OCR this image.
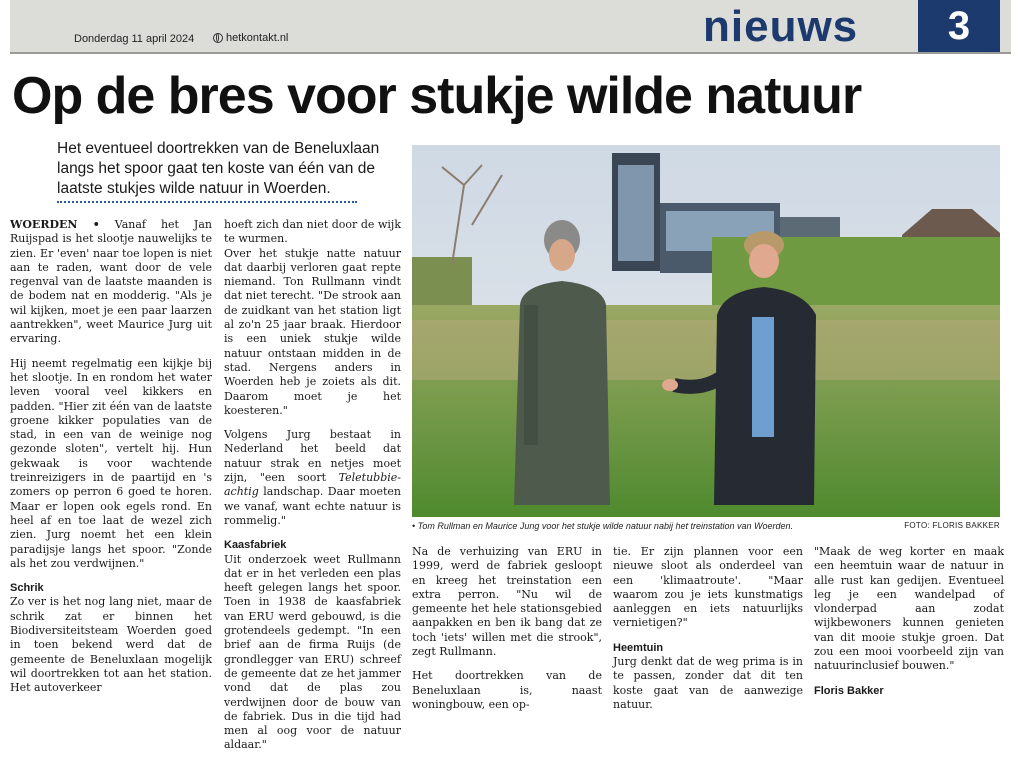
Donderdag 11 april 2024	hetkontakt.nl	nieuws	3
Op de bres voor stukje wilde natuur
Het eventueel doortrekken van de Beneluxlaan langs het spoor gaat ten koste van één van de laatste stukjes wilde natuur in Woerden.

WOERDEN • Vanaf het Jan Ruijspad is het slootje nauwelijks te zien. Er 'even' naar toe lopen is niet aan te raden, want door de vele regenval van de laatste maanden is de bodem nat en modderig. "Als je wil kijken, moet je een paar laarzen aantrekken", weet Maurice Jurg uit ervaring.

Hij neemt regelmatig een kijkje bij het slootje. In en rondom het water leven vooral veel kikkers en padden. "Hier zit één van de laatste groene kikker populaties van de stad, in een van de weinige nog gezonde sloten", vertelt hij. Hun gekwaak is voor wachtende treinreizigers in de paartijd en 's zomers op perron 6 goed te horen. Maar er lopen ook egels rond. En heel af en toe laat de wezel zich zien. Jurg noemt het een klein paradijsje langs het spoor. "Zonde als het zou verdwijnen."

Schrik

Zo ver is het nog lang niet, maar de schrik zat er binnen het Biodiversiteitsteam Woerden goed in toen bekend werd dat de gemeente de Beneluxlaan mogelijk wil doortrekken tot aan het station. Het autoverkeer

hoeft zich dan niet door de wijk te wurmen.

Over het stukje natte natuur dat daarbij verloren gaat repte niemand. Ton Rullmann vindt dat niet terecht. "De strook aan de zuidkant van het station ligt al zo'n 25 jaar braak. Hierdoor is een uniek stukje wilde natuur ontstaan midden in de stad. Nergens anders in Woerden heb je zoiets als dit. Daarom moet je het koesteren."

Volgens Jurg bestaat in Nederland het beeld dat natuur strak en netjes moet zijn, "een soort Teletubbie-achtig landschap. Daar moeten we vanaf, want echte natuur is rommelig."

Kaasfabriek

Uit onderzoek weet Rullmann dat er in het verleden een plas heeft gelegen langs het spoor. Toen in 1938 de kaasfabriek van ERU werd gebouwd, is die grotendeels gedempt. "In een brief aan de firma Ruijs (de grondlegger van ERU) schreef de gemeente dat ze het jammer vond dat de plas zou verdwijnen door de bouw van de fabriek. Dus in die tijd had men al oog voor de natuur aldaar."

• Tom Rullman en Maurice Jung voor het stukje wilde natuur nabij het treinstation van Woerden.	FOTO: FLORIS BAKKER

Na de verhuizing van ERU in 1999, werd de fabriek gesloopt en kreeg het treinstation een extra perron. "Nu wil de gemeente het hele stationsgebied aanpakken en ben ik bang dat ze toch 'iets' willen met die strook", zegt Rullmann.

Het doortrekken van de Beneluxlaan is, naast woningbouw, een op-

tie. Er zijn plannen voor een nieuwe sloot als onderdeel van een 'klimaatroute'. "Maar waarom zou je iets kunstmatigs aanleggen en iets natuurlijks vernietigen?"

Heemtuin

Jurg denkt dat de weg prima is in te passen, zonder dat dit ten koste gaat van de aanwezige natuur.

"Maak de weg korter en maak een heemtuin waar de natuur in alle rust kan gedijen. Eventueel leg je een wandelpad of vlonderpad aan zodat wijkbewoners kunnen genieten van dit mooie stukje groen. Dat zou een mooi voorbeeld zijn van natuurinclusief bouwen."

Floris Bakker
